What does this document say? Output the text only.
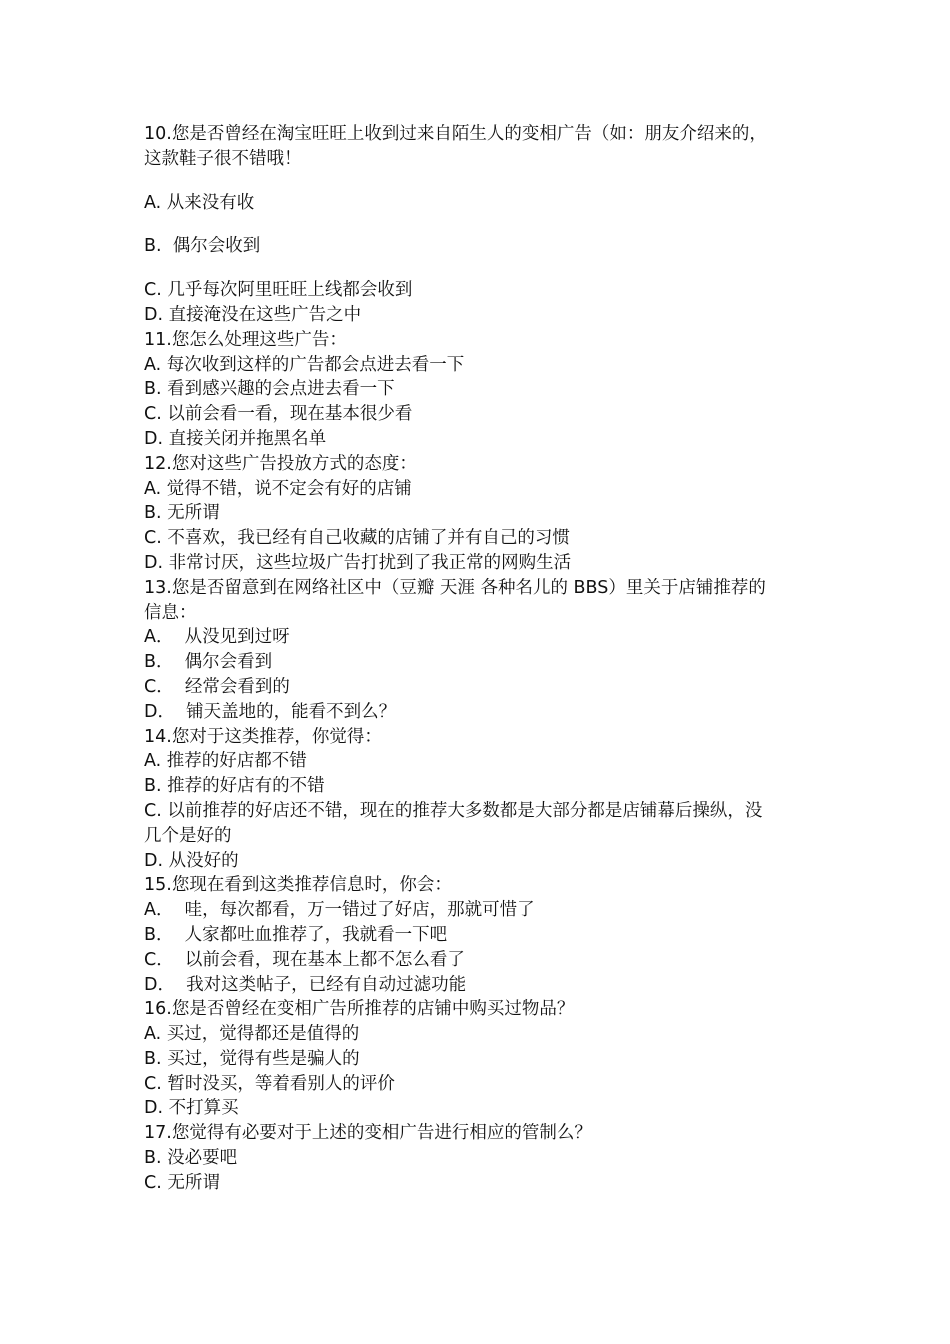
10.您是否曾经在淘宝旺旺上收到过来自陌生人的变相广告（如：朋友介绍来的，

这款鞋子很不错哦！

A. 从来没有收

B.  偶尔会收到

C. 几乎每次阿里旺旺上线都会收到

D. 直接淹没在这些广告之中

11.您怎么处理这些广告：

A. 每次收到这样的广告都会点进去看一下

B. 看到感兴趣的会点进去看一下

C. 以前会看一看，现在基本很少看

D. 直接关闭并拖黑名单

12.您对这些广告投放方式的态度：

A. 觉得不错，说不定会有好的店铺

B. 无所谓

C. 不喜欢，我已经有自己收藏的店铺了并有自己的习惯

D. 非常讨厌，这些垃圾广告打扰到了我正常的网购生活

13.您是否留意到在网络社区中（豆瓣 天涯 各种名儿的 BBS）里关于店铺推荐的

信息：

A．  从没见到过呀

B．  偶尔会看到

C．  经常会看到的

D．  铺天盖地的，能看不到么？

14.您对于这类推荐，你觉得：

A. 推荐的好店都不错

B. 推荐的好店有的不错

C. 以前推荐的好店还不错，现在的推荐大多数都是大部分都是店铺幕后操纵，没

几个是好的

D. 从没好的

15.您现在看到这类推荐信息时，你会：

A．  哇，每次都看，万一错过了好店，那就可惜了

B．  人家都吐血推荐了，我就看一下吧

C．  以前会看，现在基本上都不怎么看了

D．  我对这类帖子，已经有自动过滤功能

16.您是否曾经在变相广告所推荐的店铺中购买过物品？

A. 买过，觉得都还是值得的

B. 买过，觉得有些是骗人的

C. 暂时没买，等着看别人的评价

D. 不打算买

17.您觉得有必要对于上述的变相广告进行相应的管制么？

B. 没必要吧

C. 无所谓
